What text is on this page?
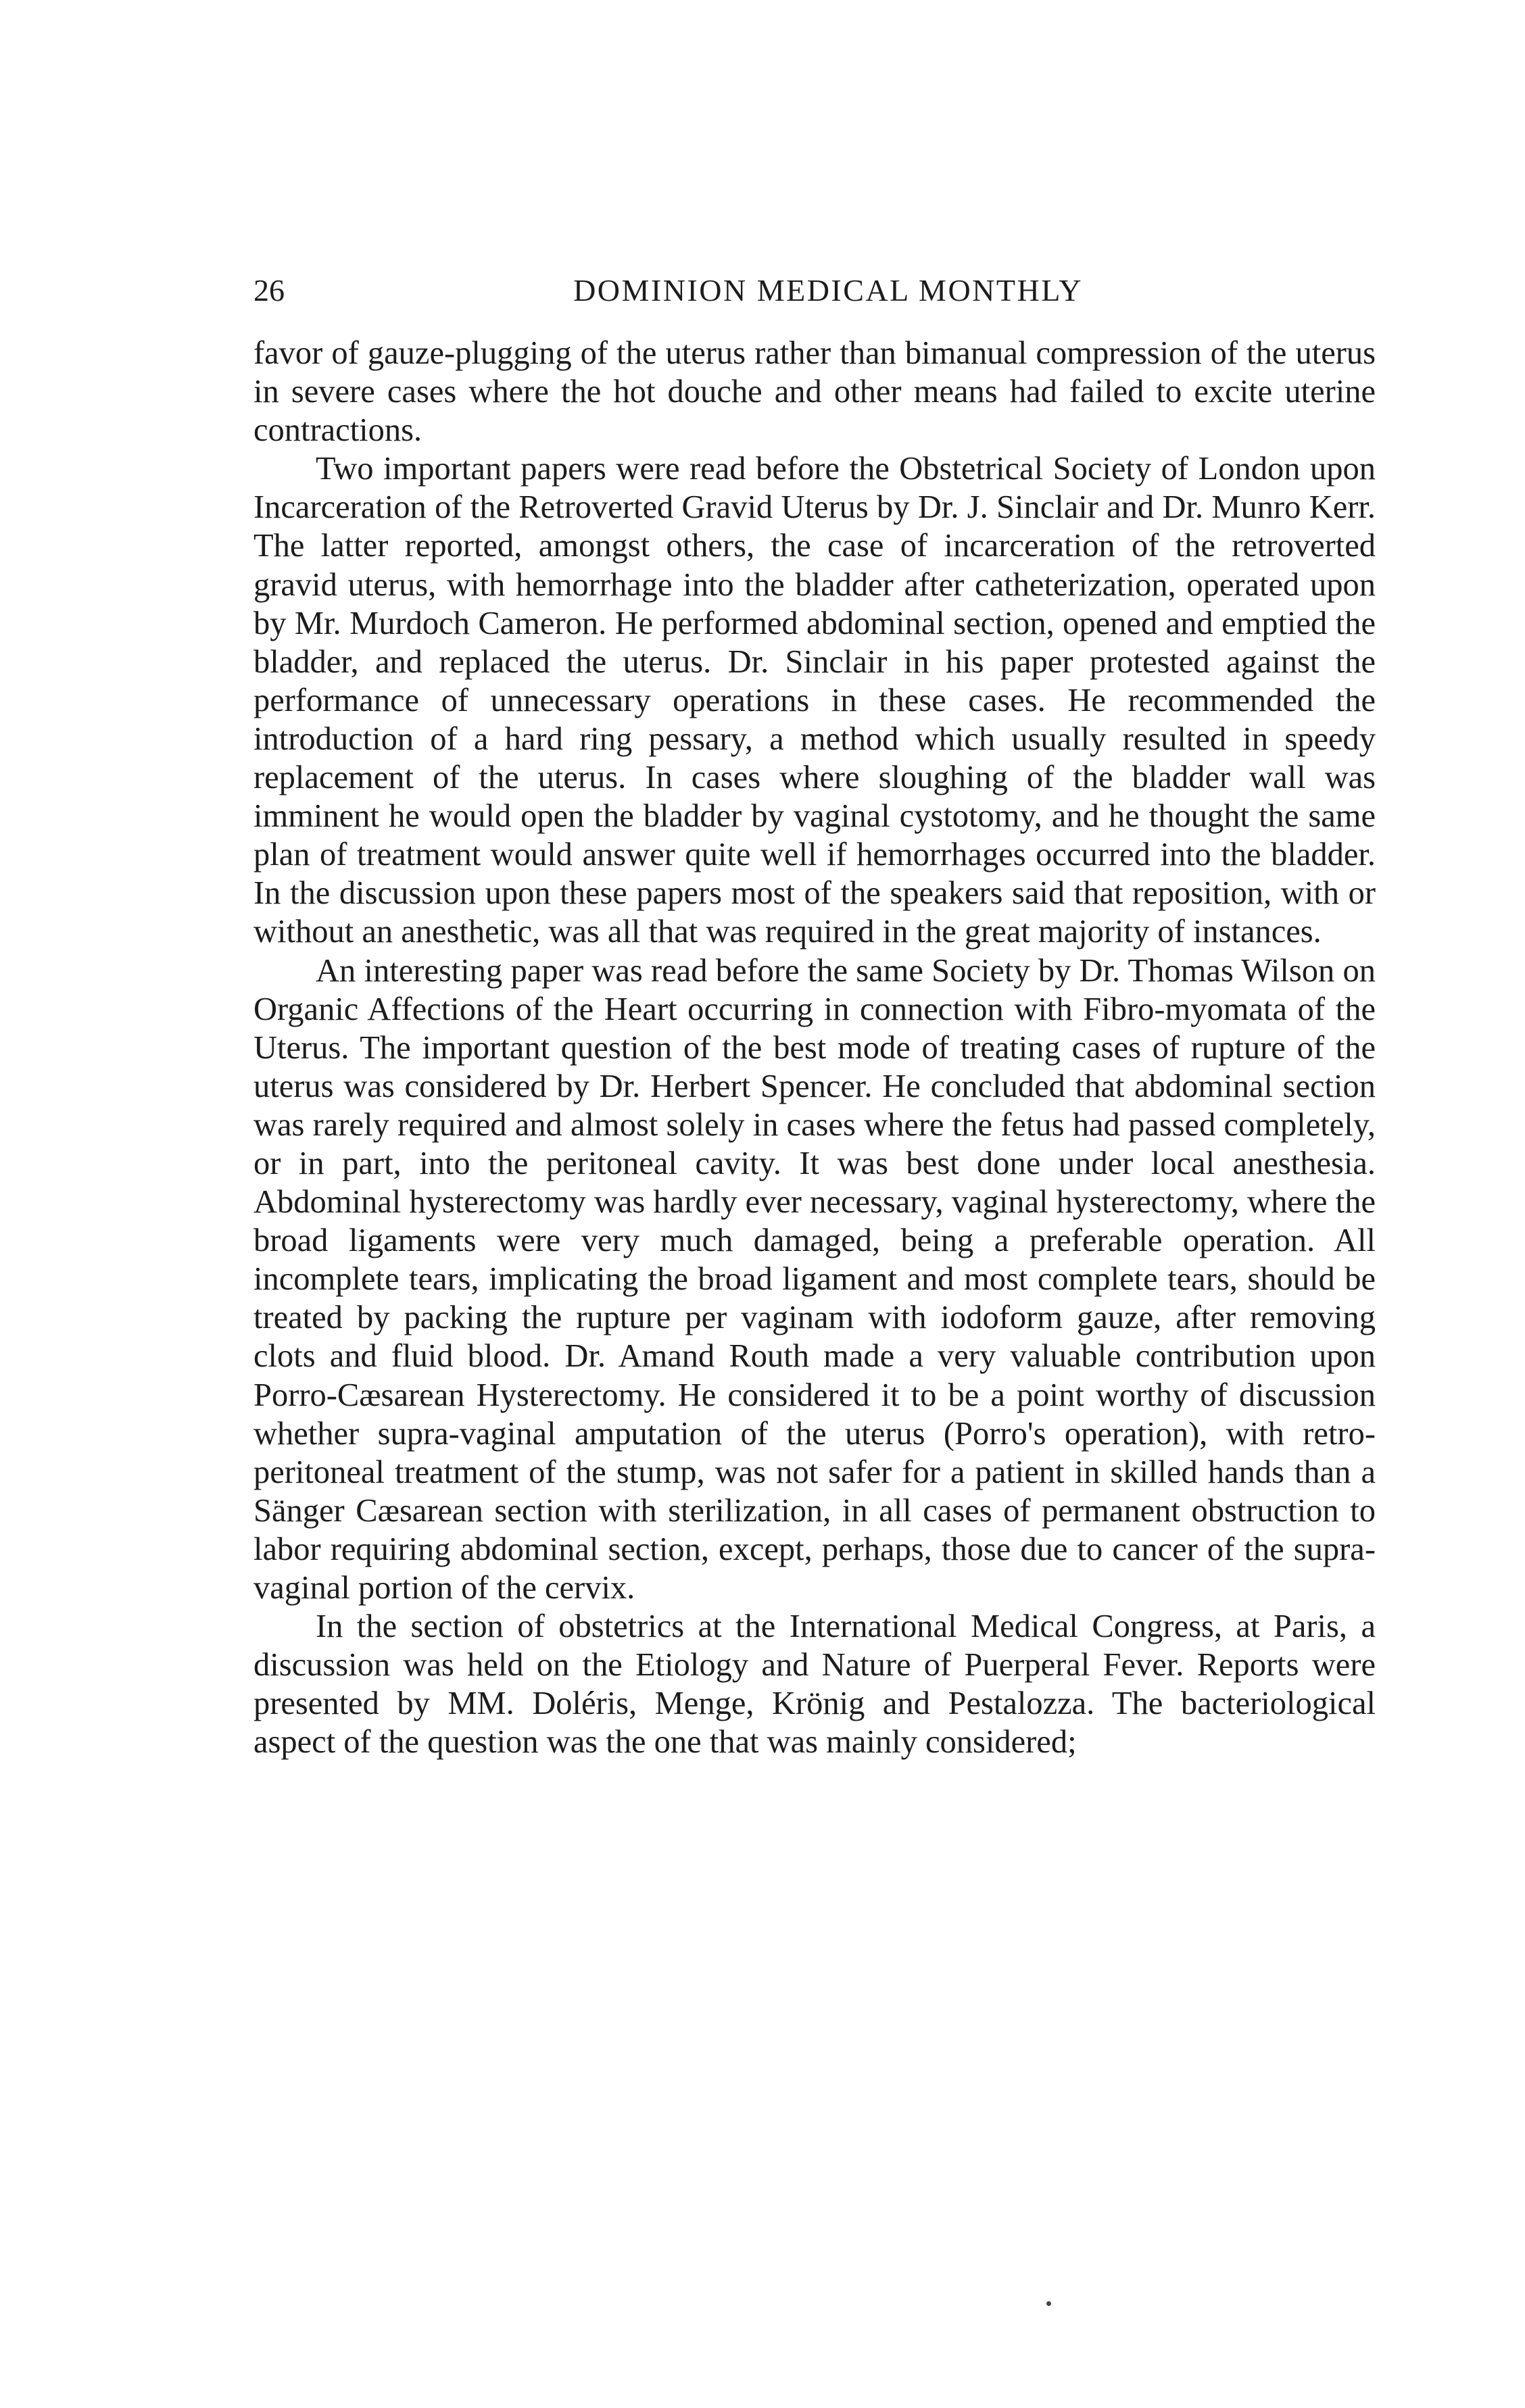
26	DOMINION MEDICAL MONTHLY

favor of gauze-plugging of the uterus rather than bimanual compression of the uterus in severe cases where the hot douche and other means had failed to excite uterine contractions.

Two important papers were read before the Obstetrical Society of London upon Incarceration of the Retroverted Gravid Uterus by Dr. J. Sinclair and Dr. Munro Kerr. The latter reported, amongst others, the case of incarceration of the retroverted gravid uterus, with hemorrhage into the bladder after catheterization, operated upon by Mr. Murdoch Cameron. He performed abdominal section, opened and emptied the bladder, and replaced the uterus. Dr. Sinclair in his paper protested against the performance of unnecessary operations in these cases. He recommended the introduction of a hard ring pessary, a method which usually resulted in speedy replacement of the uterus. In cases where sloughing of the bladder wall was imminent he would open the bladder by vaginal cystotomy, and he thought the same plan of treatment would answer quite well if hemorrhages occurred into the bladder. In the discussion upon these papers most of the speakers said that reposition, with or without an anesthetic, was all that was required in the great majority of instances.

An interesting paper was read before the same Society by Dr. Thomas Wilson on Organic Affections of the Heart occurring in connection with Fibro-myomata of the Uterus. The important question of the best mode of treating cases of rupture of the uterus was considered by Dr. Herbert Spencer. He concluded that abdominal section was rarely required and almost solely in cases where the fetus had passed completely, or in part, into the peritoneal cavity. It was best done under local anesthesia. Abdominal hysterectomy was hardly ever necessary, vaginal hysterectomy, where the broad ligaments were very much damaged, being a preferable operation. All incomplete tears, implicating the broad ligament and most complete tears, should be treated by packing the rupture per vaginam with iodoform gauze, after removing clots and fluid blood. Dr. Amand Routh made a very valuable contribution upon Porro-Cæsarean Hysterectomy. He considered it to be a point worthy of discussion whether supra-vaginal amputation of the uterus (Porro's operation), with retro-peritoneal treatment of the stump, was not safer for a patient in skilled hands than a Sänger Cæsarean section with sterilization, in all cases of permanent obstruction to labor requiring abdominal section, except, perhaps, those due to cancer of the supra-vaginal portion of the cervix.

In the section of obstetrics at the International Medical Congress, at Paris, a discussion was held on the Etiology and Nature of Puerperal Fever. Reports were presented by MM. Doléris, Menge, Krönig and Pestalozza. The bacteriological aspect of the question was the one that was mainly considered;
